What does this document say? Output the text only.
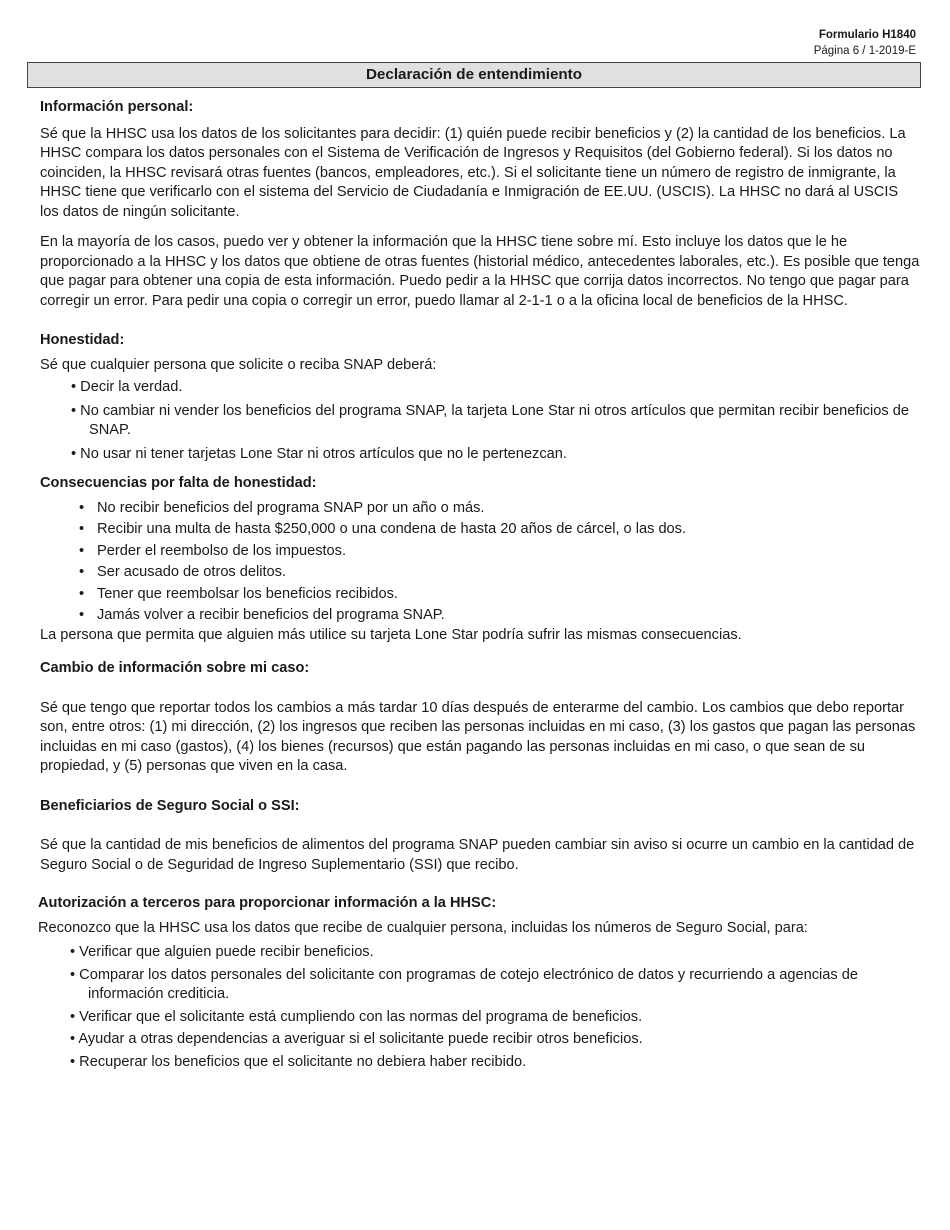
Formulario H1840
Página 6 / 1-2019-E
Declaración de entendimiento
Información personal:

Sé que la HHSC usa los datos de los solicitantes para decidir: (1) quién puede recibir beneficios y (2) la cantidad de los beneficios. La HHSC compara los datos personales con el Sistema de Verificación de Ingresos y Requisitos (del Gobierno federal). Si los datos no coinciden, la HHSC revisará otras fuentes (bancos, empleadores, etc.). Si el solicitante tiene un número de registro de inmigrante, la HHSC tiene que verificarlo con el sistema del Servicio de Ciudadanía e Inmigración de EE.UU. (USCIS). La HHSC no dará al USCIS los datos de ningún solicitante.

En la mayoría de los casos, puedo ver y obtener la información que la HHSC tiene sobre mí. Esto incluye los datos que le he proporcionado a la HHSC y los datos que obtiene de otras fuentes (historial médico, antecedentes laborales, etc.). Es posible que tenga que pagar para obtener una copia de esta información. Puedo pedir a la HHSC que corrija datos incorrectos. No tengo que pagar para corregir un error. Para pedir una copia o corregir un error, puedo llamar al 2-1-1 o a la oficina local de beneficios de la HHSC.

Honestidad:

Sé que cualquier persona que solicite o reciba SNAP deberá:

• Decir la verdad.
• No cambiar ni vender los beneficios del programa SNAP, la tarjeta Lone Star ni otros artículos que permitan recibir beneficios de SNAP.
• No usar ni tener tarjetas Lone Star ni otros artículos que no le pertenezcan.
Consecuencias por falta de honestidad:
• No recibir beneficios del programa SNAP por un año o más.
• Recibir una multa de hasta $250,000 o una condena de hasta 20 años de cárcel, o las dos.
• Perder el reembolso de los impuestos.
• Ser acusado de otros delitos.
• Tener que reembolsar los beneficios recibidos.
• Jamás volver a recibir beneficios del programa SNAP.

La persona que permita que alguien más utilice su tarjeta Lone Star podría sufrir las mismas consecuencias.

Cambio de información sobre mi caso:

Sé que tengo que reportar todos los cambios a más tardar 10 días después de enterarme del cambio. Los cambios que debo reportar son, entre otros: (1) mi dirección, (2) los ingresos que reciben las personas incluidas en mi caso, (3) los gastos que pagan las personas incluidas en mi caso (gastos), (4) los bienes (recursos) que están pagando las personas incluidas en mi caso, o que sean de su propiedad, y (5) personas que viven en la casa.

Beneficiarios de Seguro Social o SSI:

Sé que la cantidad de mis beneficios de alimentos del programa SNAP pueden cambiar sin aviso si ocurre un cambio en la cantidad de Seguro Social o de Seguridad de Ingreso Suplementario (SSI) que recibo.

Autorización a terceros para proporcionar información a la HHSC:

Reconozco que la HHSC usa los datos que recibe de cualquier persona, incluidas los números de Seguro Social, para:

• Verificar que alguien puede recibir beneficios.
• Comparar los datos personales del solicitante con programas de cotejo electrónico de datos y recurriendo a agencias de información crediticia.
• Verificar que el solicitante está cumpliendo con las normas del programa de beneficios.
• Ayudar a otras dependencias a averiguar si el solicitante puede recibir otros beneficios.
• Recuperar los beneficios que el solicitante no debiera haber recibido.
